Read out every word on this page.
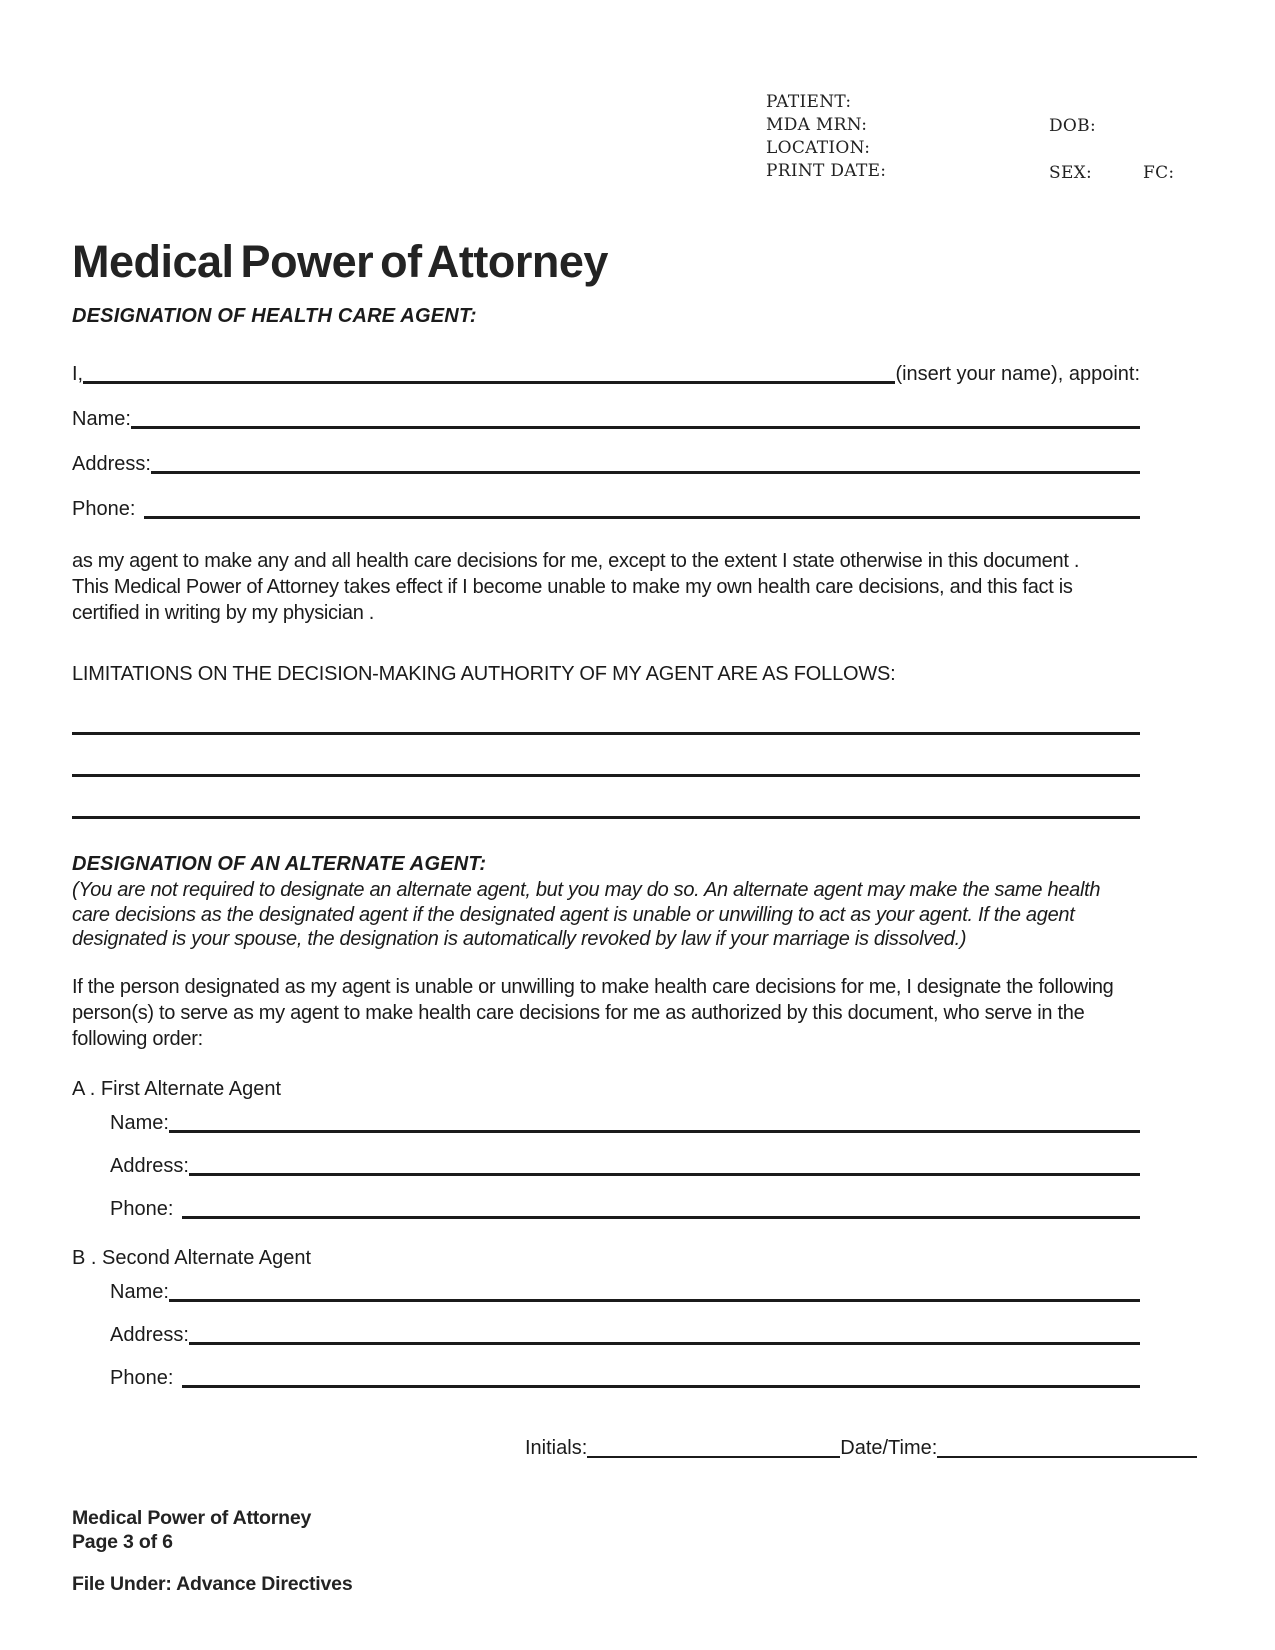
PATIENT:
MDA MRN:
LOCATION:
PRINT DATE:
DOB:
SEX:	FC:
Medical Power of Attorney
DESIGNATION OF HEALTH CARE AGENT:
I,	(insert your name), appoint:
Name:
Address:
Phone:

as my agent to make any and all health care decisions for me, except to the extent I state otherwise in this document . This Medical Power of Attorney takes effect if I become unable to make my own health care decisions, and this fact is certified in writing by my physician .

LIMITATIONS ON THE DECISION-MAKING AUTHORITY OF MY AGENT ARE AS FOLLOWS:
DESIGNATION OF AN ALTERNATE AGENT:
(You are not required to designate an alternate agent, but you may do so. An alternate agent may make the same health care decisions as the designated agent if the designated agent is unable or unwilling to act as your agent. If the agent designated is your spouse, the designation is automatically revoked by law if your marriage is dissolved.)

If the person designated as my agent is unable or unwilling to make health care decisions for me, I designate the following person(s) to serve as my agent to make health care decisions for me as authorized by this document, who serve in the following order:

A . First Alternate Agent
Name:
Address:
Phone:
B . Second Alternate Agent
Name:
Address:
Phone:
Initials:	Date/Time:
Medical Power of Attorney
Page 3 of 6
File Under: Advance Directives
